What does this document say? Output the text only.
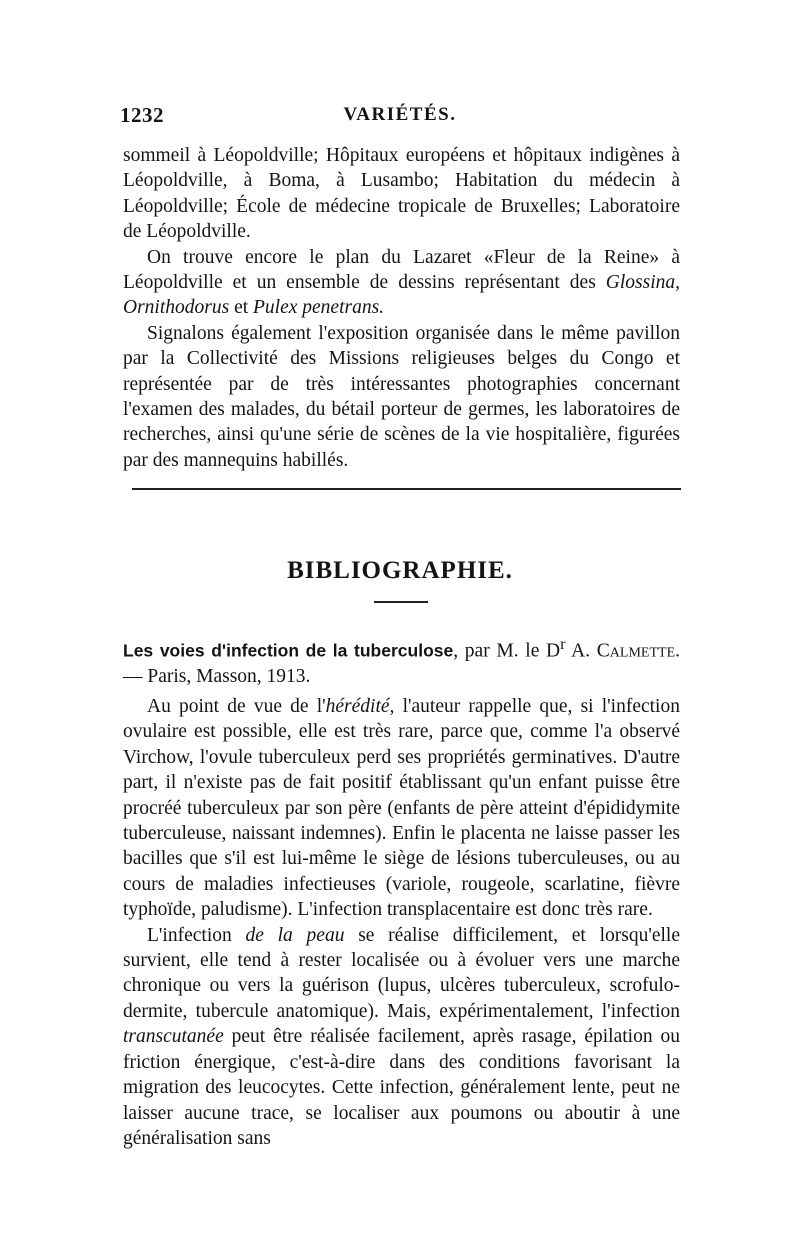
1232	VARIÉTÉS.

sommeil à Léopoldville; Hôpitaux européens et hôpitaux indigènes à Léopoldville, à Boma, à Lusambo; Habitation du médecin à Léopoldville; École de médecine tropicale de Bruxelles; Laboratoire de Léopoldville.

On trouve encore le plan du Lazaret «Fleur de la Reine» à Léopoldville et un ensemble de dessins représentant des Glossina, Ornithodorus et Pulex penetrans.

Signalons également l'exposition organisée dans le même pavillon par la Collectivité des Missions religieuses belges du Congo et représentée par de très intéressantes photographies concernant l'examen des malades, du bétail porteur de germes, les laboratoires de recherches, ainsi qu'une série de scènes de la vie hospitalière, figurées par des mannequins habillés.

BIBLIOGRAPHIE.

Les voies d'infection de la tuberculose, par M. le $D^r$ A. Calmette. — Paris, Masson, 1913.

Au point de vue de l'hérédité, l'auteur rappelle que, si l'infection ovulaire est possible, elle est très rare, parce que, comme l'a observé Virchow, l'ovule tuberculeux perd ses propriétés germinatives. D'autre part, il n'existe pas de fait positif établissant qu'un enfant puisse être procréé tuberculeux par son père (enfants de père atteint d'épididymite tuberculeuse, naissant indemnes). Enfin le placenta ne laisse passer les bacilles que s'il est lui-même le siège de lésions tuberculeuses, ou au cours de maladies infectieuses (variole, rougeole, scarlatine, fièvre typhoïde, paludisme). L'infection transplacentaire est donc très rare.

L'infection de la peau se réalise difficilement, et lorsqu'elle survient, elle tend à rester localisée ou à évoluer vers une marche chronique ou vers la guérison (lupus, ulcères tuberculeux, scrofulo-dermite, tubercule anatomique). Mais, expérimentalement, l'infection transcutanée peut être réalisée facilement, après rasage, épilation ou friction énergique, c'est-à-dire dans des conditions favorisant la migration des leucocytes. Cette infection, généralement lente, peut ne laisser aucune trace, se localiser aux poumons ou aboutir à une généralisation sans
